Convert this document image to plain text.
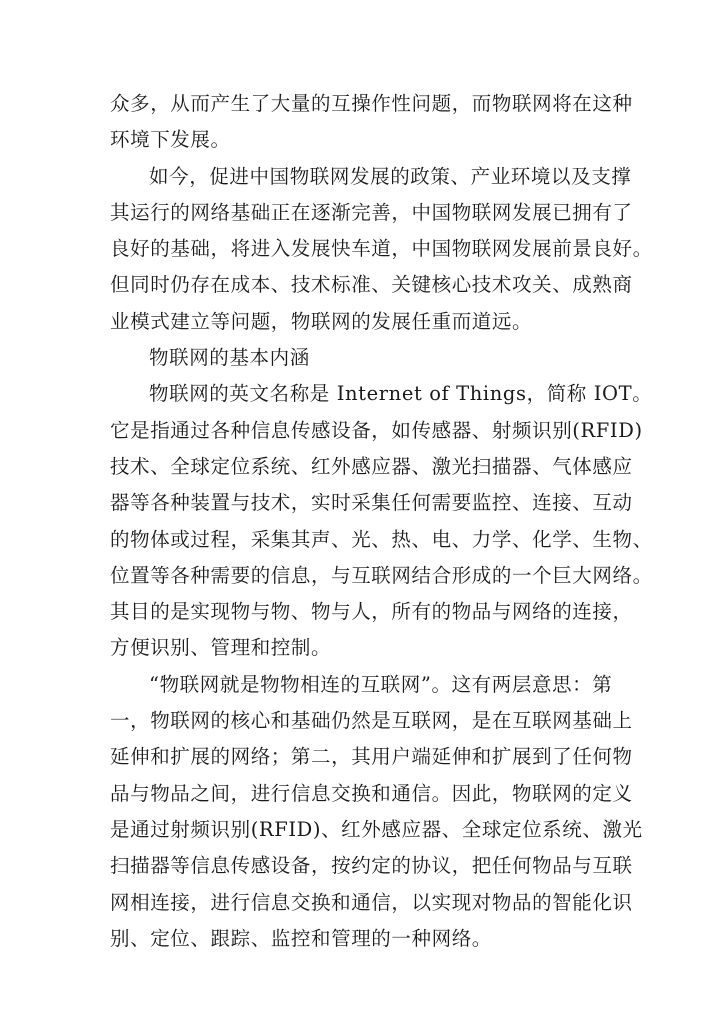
众多，从而产生了大量的互操作性问题，而物联网将在这种
环境下发展。
如今，促进中国物联网发展的政策、产业环境以及支撑
其运行的网络基础正在逐渐完善，中国物联网发展已拥有了
良好的基础，将进入发展快车道，中国物联网发展前景良好。
但同时仍存在成本、技术标准、关键核心技术攻关、成熟商
业模式建立等问题，物联网的发展任重而道远。
物联网的基本内涵
物联网的英文名称是 Internet of Things，简称 IOT。
它是指通过各种信息传感设备，如传感器、射频识别(RFID)
技术、全球定位系统、红外感应器、激光扫描器、气体感应
器等各种装置与技术，实时采集任何需要监控、连接、互动
的物体或过程，采集其声、光、热、电、力学、化学、生物、
位置等各种需要的信息，与互联网结合形成的一个巨大网络。
其目的是实现物与物、物与人，所有的物品与网络的连接，
方便识别、管理和控制。
“物联网就是物物相连的互联网”。这有两层意思：第
一，物联网的核心和基础仍然是互联网，是在互联网基础上
延伸和扩展的网络；第二，其用户端延伸和扩展到了任何物
品与物品之间，进行信息交换和通信。因此，物联网的定义
是通过射频识别(RFID)、红外感应器、全球定位系统、激光
扫描器等信息传感设备，按约定的协议，把任何物品与互联
网相连接，进行信息交换和通信，以实现对物品的智能化识
别、定位、跟踪、监控和管理的一种网络。
